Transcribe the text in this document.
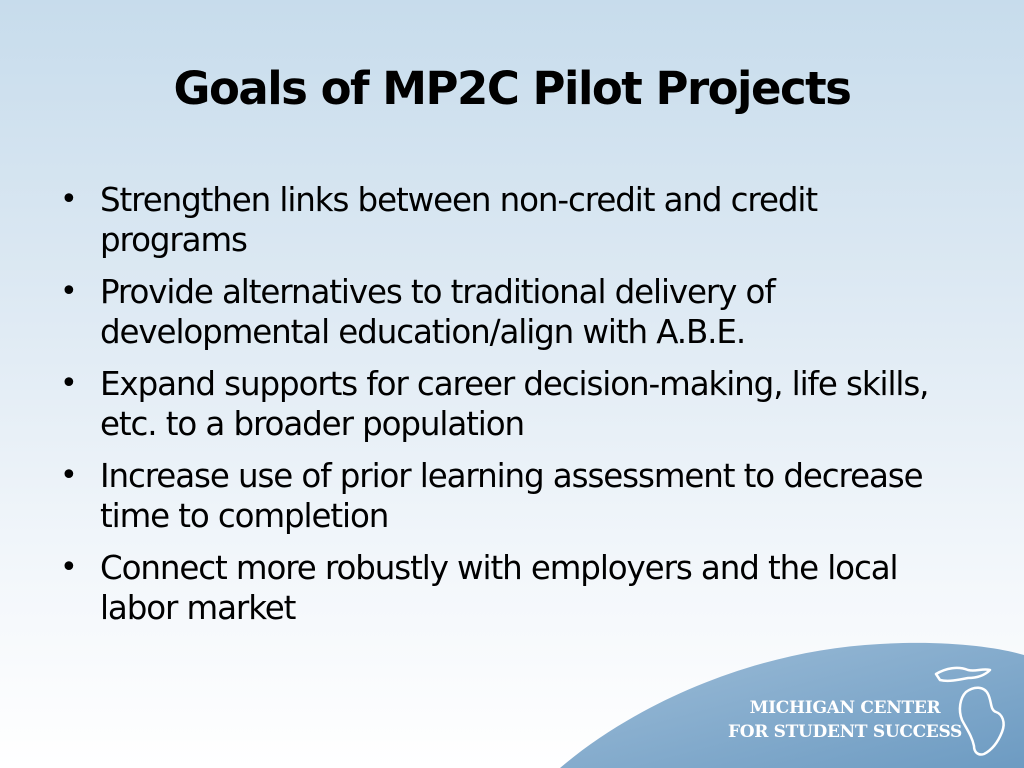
Goals of MP2C Pilot Projects
• Strengthen links between non-credit and credit programs
• Provide alternatives to traditional delivery of developmental education/align with A.B.E.
• Expand supports for career decision-making, life skills, etc. to a broader population
• Increase use of prior learning assessment to decrease time to completion
• Connect more robustly with employers and the local labor market
MICHIGAN CENTER
FOR STUDENT SUCCESS
